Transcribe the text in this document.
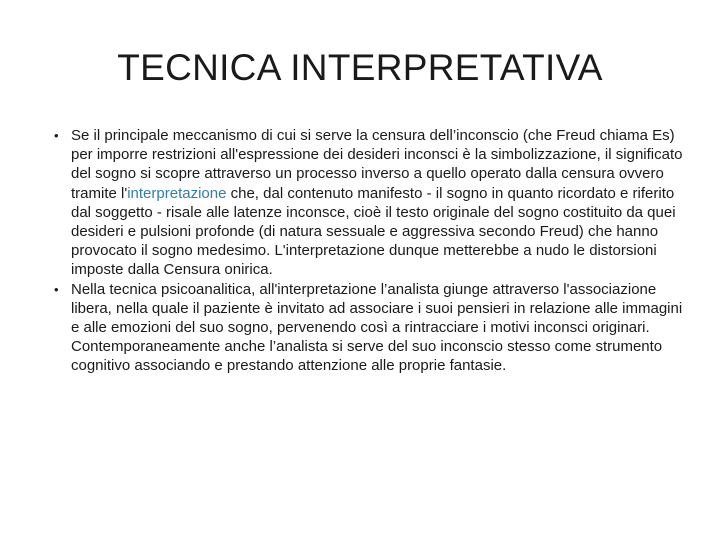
TECNICA INTERPRETATIVA
• Se il principale meccanismo di cui si serve la censura dell’inconscio (che Freud chiama Es) per imporre restrizioni all'espressione dei desideri inconsci è la simbolizzazione, il significato del sogno si scopre attraverso un processo inverso a quello operato dalla censura ovvero tramite l'interpretazione che, dal contenuto manifesto - il sogno in quanto ricordato e riferito dal soggetto - risale alle latenze inconsce, cioè il testo originale del sogno costituito da quei desideri e pulsioni profonde (di natura sessuale e aggressiva secondo Freud) che hanno provocato il sogno medesimo. L'interpretazione dunque metterebbe a nudo le distorsioni imposte dalla Censura onirica.
• Nella tecnica psicoanalitica, all'interpretazione l’analista giunge attraverso l'associazione libera, nella quale il paziente è invitato ad associare i suoi pensieri in relazione alle immagini e alle emozioni del suo sogno, pervenendo così a rintracciare i motivi inconsci originari. Contemporaneamente anche l’analista si serve del suo inconscio stesso come strumento cognitivo associando e prestando attenzione alle proprie fantasie.
